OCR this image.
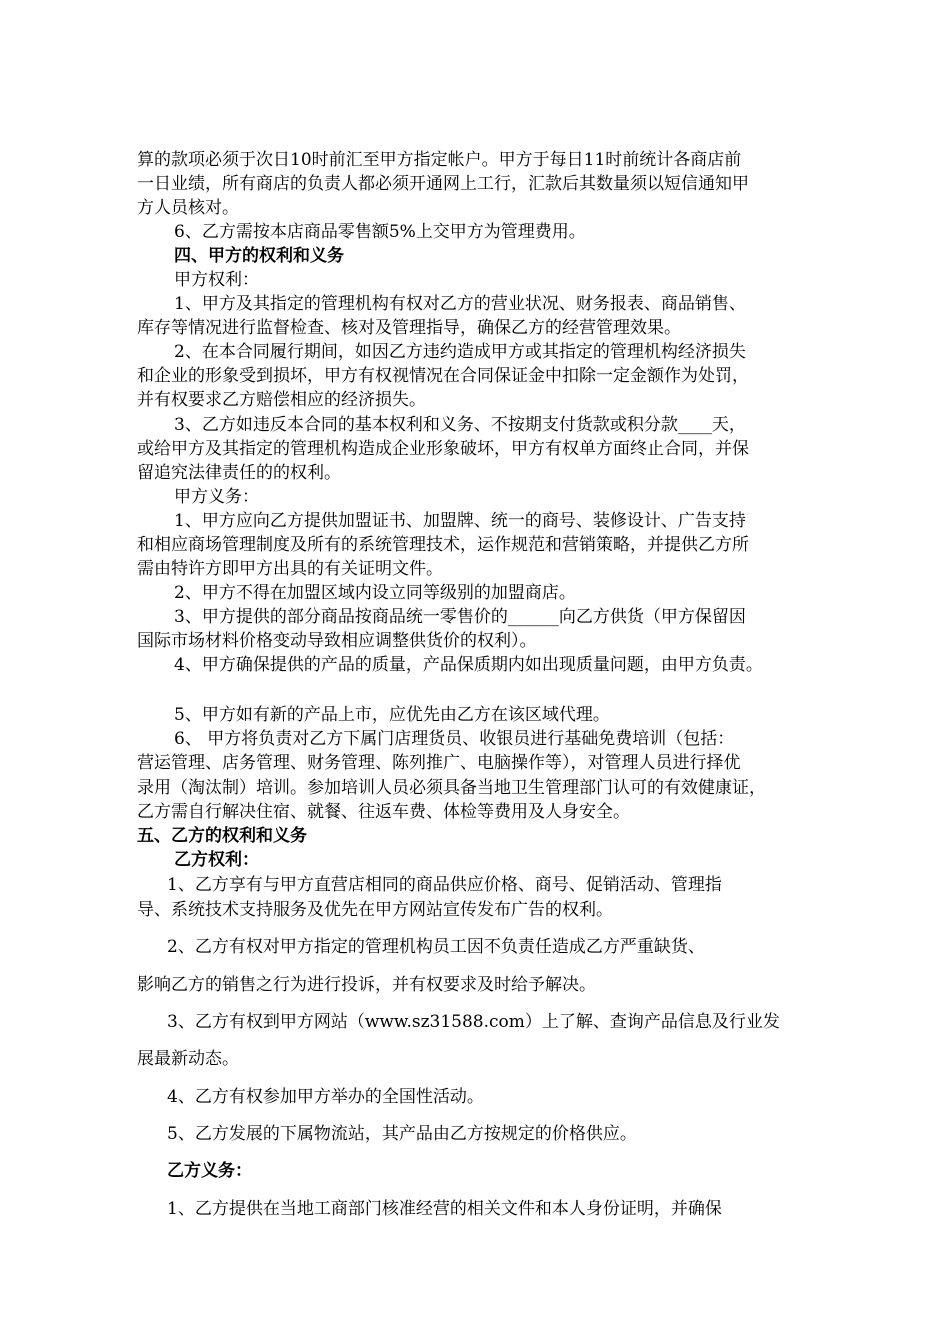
算的款项必须于次日10时前汇至甲方指定帐户。甲方于每日11时前统计各商店前
一日业绩，所有商店的负责人都必须开通网上工行，汇款后其数量须以短信通知甲
方人员核对。
6、乙方需按本店商品零售额5%上交甲方为管理费用。
四、甲方的权利和义务
甲方权利：
1、甲方及其指定的管理机构有权对乙方的营业状况、财务报表、商品销售、
库存等情况进行监督检查、核对及管理指导，确保乙方的经营管理效果。
2、在本合同履行期间，如因乙方违约造成甲方或其指定的管理机构经济损失
和企业的形象受到损坏，甲方有权视情况在合同保证金中扣除一定金额作为处罚，
并有权要求乙方赔偿相应的经济损失。
3、乙方如违反本合同的基本权利和义务、不按期支付货款或积分款____天，
或给甲方及其指定的管理机构造成企业形象破坏，甲方有权单方面终止合同，并保
留追究法律责任的的权利。
甲方义务：
1、甲方应向乙方提供加盟证书、加盟牌、统一的商号、装修设计、广告支持
和相应商场管理制度及所有的系统管理技术，运作规范和营销策略，并提供乙方所
需由特许方即甲方出具的有关证明文件。
2、甲方不得在加盟区域内设立同等级别的加盟商店。
3、甲方提供的部分商品按商品统一零售价的______向乙方供货（甲方保留因
国际市场材料价格变动导致相应调整供货价的权利）。
4、甲方确保提供的产品的质量，产品保质期内如出现质量问题，由甲方负责。
5、甲方如有新的产品上市，应优先由乙方在该区域代理。
6、 甲方将负责对乙方下属门店理货员、收银员进行基础免费培训（包括：
营运管理、店务管理、财务管理、陈列推广、电脑操作等），对管理人员进行择优
录用（淘汰制）培训。参加培训人员必须具备当地卫生管理部门认可的有效健康证，
乙方需自行解决住宿、就餐、往返车费、体检等费用及人身安全。
五、乙方的权利和义务
乙方权利：
1、乙方享有与甲方直营店相同的商品供应价格、商号、促销活动、管理指
导、系统技术支持服务及优先在甲方网站宣传发布广告的权利。
2、乙方有权对甲方指定的管理机构员工因不负责任造成乙方严重缺货、
影响乙方的销售之行为进行投诉，并有权要求及时给予解决。
3、乙方有权到甲方网站（www.sz31588.com）上了解、查询产品信息及行业发
展最新动态。
4、乙方有权参加甲方举办的全国性活动。
5、乙方发展的下属物流站，其产品由乙方按规定的价格供应。
乙方义务：
1、乙方提供在当地工商部门核准经营的相关文件和本人身份证明，并确保
